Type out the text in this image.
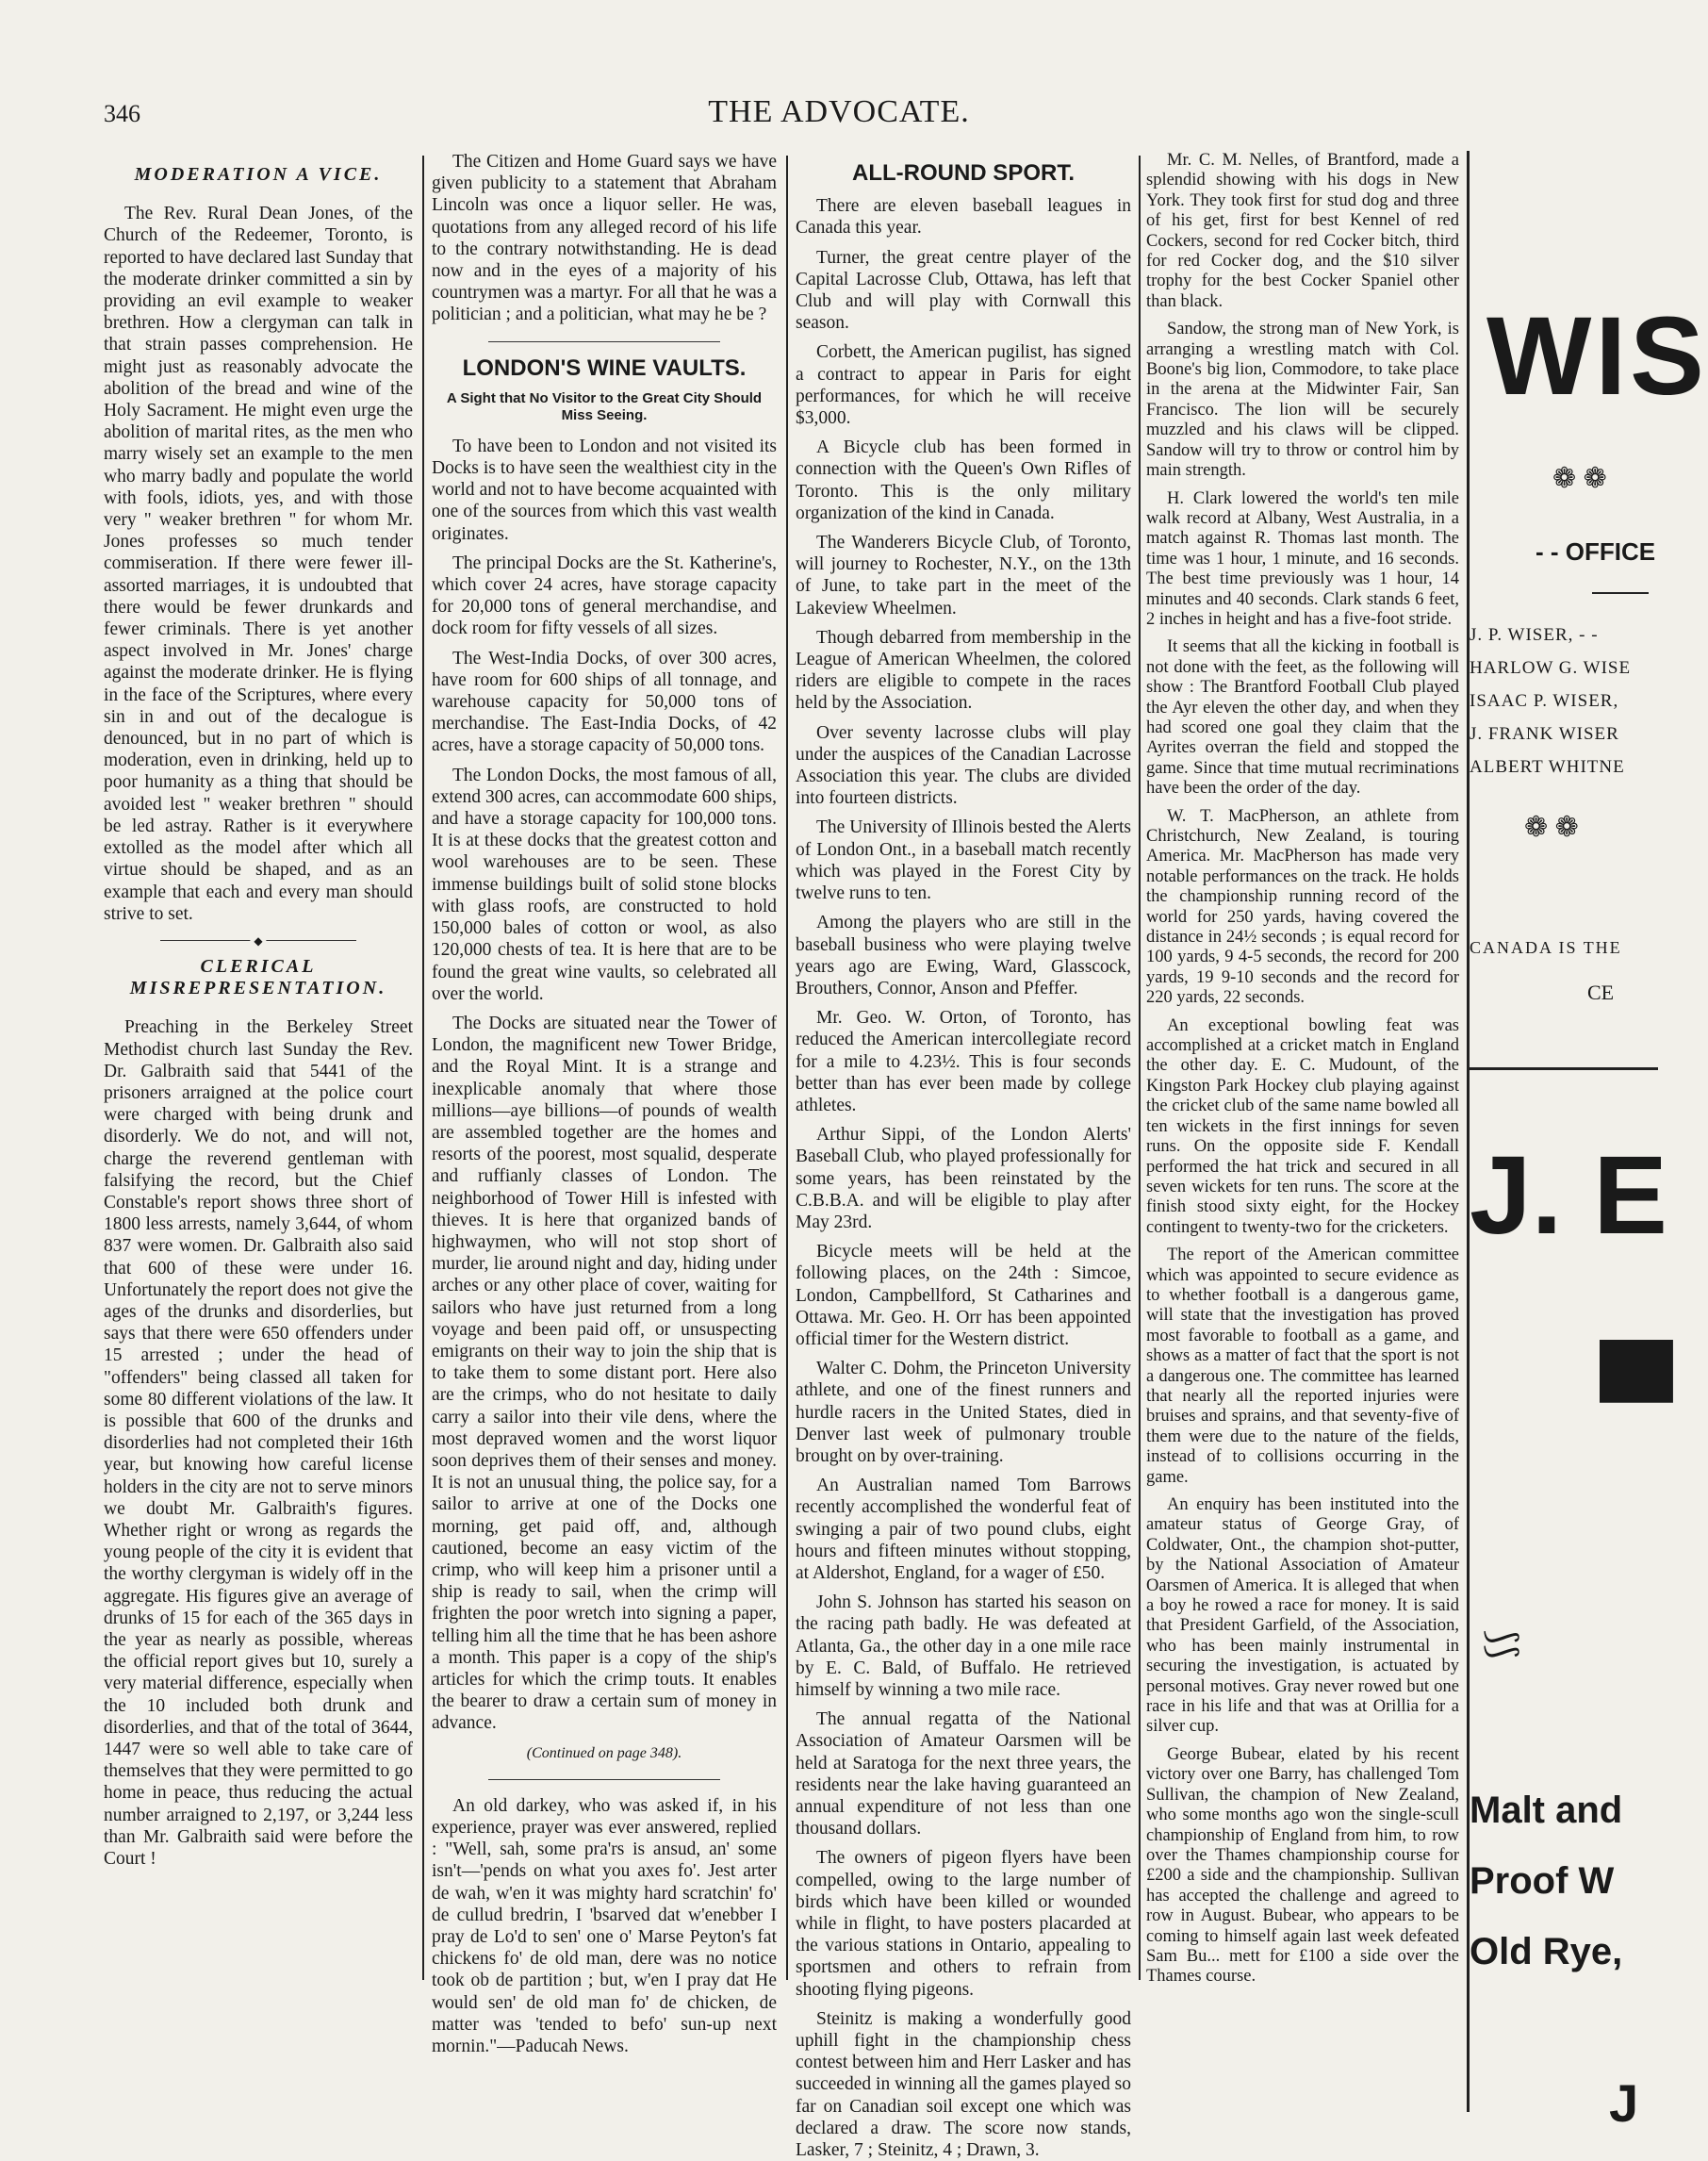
346	THE ADVOCATE.
MODERATION A VICE.

The Rev. Rural Dean Jones, of the Church of the Redeemer, Toronto, is reported to have declared last Sunday that the moderate drinker committed a sin by providing an evil example to weaker brethren. How a clergyman can talk in that strain passes comprehension. He might just as reasonably advocate the abolition of the bread and wine of the Holy Sacrament. He might even urge the abolition of marital rites, as the men who marry wisely set an example to the men who marry badly and populate the world with fools, idiots, yes, and with those very " weaker brethren " for whom Mr. Jones professes so much tender commiseration. If there were fewer ill-assorted marriages, it is undoubted that there would be fewer drunkards and fewer criminals. There is yet another aspect involved in Mr. Jones' charge against the moderate drinker. He is flying in the face of the Scriptures, where every sin in and out of the decalogue is denounced, but in no part of which is moderation, even in drinking, held up to poor humanity as a thing that should be avoided lest " weaker brethren " should be led astray. Rather is it everywhere extolled as the model after which all virtue should be shaped, and as an example that each and every man should strive to set.

◆
CLERICAL MISREPRESENTATION.

Preaching in the Berkeley Street Methodist church last Sunday the Rev. Dr. Galbraith said that 5441 of the prisoners arraigned at the police court were charged with being drunk and disorderly. We do not, and will not, charge the reverend gentleman with falsifying the record, but the Chief Constable's report shows three short of 1800 less arrests, namely 3,644, of whom 837 were women. Dr. Galbraith also said that 600 of these were under 16. Unfortunately the report does not give the ages of the drunks and disorderlies, but says that there were 650 offenders under 15 arrested ; under the head of "offenders" being classed all taken for some 80 different violations of the law. It is possible that 600 of the drunks and disorderlies had not completed their 16th year, but knowing how careful license holders in the city are not to serve minors we doubt Mr. Galbraith's figures. Whether right or wrong as regards the young people of the city it is evident that the worthy clergyman is widely off in the aggregate. His figures give an average of drunks of 15 for each of the 365 days in the year as nearly as possible, whereas the official report gives but 10, surely a very material difference, especially when the 10 included both drunk and disorderlies, and that of the total of 3644, 1447 were so well able to take care of themselves that they were permitted to go home in peace, thus reducing the actual number arraigned to 2,197, or 3,244 less than Mr. Galbraith said were before the Court !

The Citizen and Home Guard says we have given publicity to a statement that Abraham Lincoln was once a liquor seller. He was, quotations from any alleged record of his life to the contrary notwithstanding. He is dead now and in the eyes of a majority of his countrymen was a martyr. For all that he was a politician ; and a politician, what may he be ?

LONDON'S WINE VAULTS.
A Sight that No Visitor to the Great City Should Miss Seeing.

To have been to London and not visited its Docks is to have seen the wealthiest city in the world and not to have become acquainted with one of the sources from which this vast wealth originates.

The principal Docks are the St. Katherine's, which cover 24 acres, have storage capacity for 20,000 tons of general merchandise, and dock room for fifty vessels of all sizes.

The West-India Docks, of over 300 acres, have room for 600 ships of all tonnage, and warehouse capacity for 50,000 tons of merchandise. The East-India Docks, of 42 acres, have a storage capacity of 50,000 tons.

The London Docks, the most famous of all, extend 300 acres, can accommodate 600 ships, and have a storage capacity for 100,000 tons. It is at these docks that the greatest cotton and wool warehouses are to be seen. These immense buildings built of solid stone blocks with glass roofs, are constructed to hold 150,000 bales of cotton or wool, as also 120,000 chests of tea. It is here that are to be found the great wine vaults, so celebrated all over the world.

The Docks are situated near the Tower of London, the magnificent new Tower Bridge, and the Royal Mint. It is a strange and inexplicable anomaly that where those millions—aye billions—of pounds of wealth are assembled together are the homes and resorts of the poorest, most squalid, desperate and ruffianly classes of London. The neighborhood of Tower Hill is infested with thieves. It is here that organized bands of highwaymen, who will not stop short of murder, lie around night and day, hiding under arches or any other place of cover, waiting for sailors who have just returned from a long voyage and been paid off, or unsuspecting emigrants on their way to join the ship that is to take them to some distant port. Here also are the crimps, who do not hesitate to daily carry a sailor into their vile dens, where the most depraved women and the worst liquor soon deprives them of their senses and money. It is not an unusual thing, the police say, for a sailor to arrive at one of the Docks one morning, get paid off, and, although cautioned, become an easy victim of the crimp, who will keep him a prisoner until a ship is ready to sail, when the crimp will frighten the poor wretch into signing a paper, telling him all the time that he has been ashore a month. This paper is a copy of the ship's articles for which the crimp touts. It enables the bearer to draw a certain sum of money in advance.

(Continued on page 348).

An old darkey, who was asked if, in his experience, prayer was ever answered, replied : "Well, sah, some pra'rs is ansud, an' some isn't—'pends on what you axes fo'. Jest arter de wah, w'en it was mighty hard scratchin' fo' de cullud bredrin, I 'bsarved dat w'enebber I pray de Lo'd to sen' one o' Marse Peyton's fat chickens fo' de old man, dere was no notice took ob de partition ; but, w'en I pray dat He would sen' de old man fo' de chicken, de matter was 'tended to befo' sun-up next mornin."—Paducah News.

ALL-ROUND SPORT.

There are eleven baseball leagues in Canada this year.

Turner, the great centre player of the Capital Lacrosse Club, Ottawa, has left that Club and will play with Cornwall this season.

Corbett, the American pugilist, has signed a contract to appear in Paris for eight performances, for which he will receive $3,000.

A Bicycle club has been formed in connection with the Queen's Own Rifles of Toronto. This is the only military organization of the kind in Canada.

The Wanderers Bicycle Club, of Toronto, will journey to Rochester, N.Y., on the 13th of June, to take part in the meet of the Lakeview Wheelmen.

Though debarred from membership in the League of American Wheelmen, the colored riders are eligible to compete in the races held by the Association.

Over seventy lacrosse clubs will play under the auspices of the Canadian Lacrosse Association this year. The clubs are divided into fourteen districts.

The University of Illinois bested the Alerts of London Ont., in a baseball match recently which was played in the Forest City by twelve runs to ten.

Among the players who are still in the baseball business who were playing twelve years ago are Ewing, Ward, Glasscock, Brouthers, Connor, Anson and Pfeffer.

Mr. Geo. W. Orton, of Toronto, has reduced the American intercollegiate record for a mile to 4.23½. This is four seconds better than has ever been made by college athletes.

Arthur Sippi, of the London Alerts' Baseball Club, who played professionally for some years, has been reinstated by the C.B.B.A. and will be eligible to play after May 23rd.

Bicycle meets will be held at the following places, on the 24th : Simcoe, London, Campbellford, St Catharines and Ottawa. Mr. Geo. H. Orr has been appointed official timer for the Western district.

Walter C. Dohm, the Princeton University athlete, and one of the finest runners and hurdle racers in the United States, died in Denver last week of pulmonary trouble brought on by over-training.

An Australian named Tom Barrows recently accomplished the wonderful feat of swinging a pair of two pound clubs, eight hours and fifteen minutes without stopping, at Aldershot, England, for a wager of £50.

John S. Johnson has started his season on the racing path badly. He was defeated at Atlanta, Ga., the other day in a one mile race by E. C. Bald, of Buffalo. He retrieved himself by winning a two mile race.

The annual regatta of the National Association of Amateur Oarsmen will be held at Saratoga for the next three years, the residents near the lake having guaranteed an annual expenditure of not less than one thousand dollars.

The owners of pigeon flyers have been compelled, owing to the large number of birds which have been killed or wounded while in flight, to have posters placarded at the various stations in Ontario, appealing to sportsmen and others to refrain from shooting flying pigeons.

Steinitz is making a wonderfully good uphill fight in the championship chess contest between him and Herr Lasker and has succeeded in winning all the games played so far on Canadian soil except one which was declared a draw. The score now stands, Lasker, 7 ; Steinitz, 4 ; Drawn, 3.

Mr. C. M. Nelles, of Brantford, made a splendid showing with his dogs in New York. They took first for stud dog and three of his get, first for best Kennel of red Cockers, second for red Cocker bitch, third for red Cocker dog, and the $10 silver trophy for the best Cocker Spaniel other than black.

Sandow, the strong man of New York, is arranging a wrestling match with Col. Boone's big lion, Commodore, to take place in the arena at the Midwinter Fair, San Francisco. The lion will be securely muzzled and his claws will be clipped. Sandow will try to throw or control him by main strength.

H. Clark lowered the world's ten mile walk record at Albany, West Australia, in a match against R. Thomas last month. The time was 1 hour, 1 minute, and 16 seconds. The best time previously was 1 hour, 14 minutes and 40 seconds. Clark stands 6 feet, 2 inches in height and has a five-foot stride.

It seems that all the kicking in football is not done with the feet, as the following will show : The Brantford Football Club played the Ayr eleven the other day, and when they had scored one goal they claim that the Ayrites overran the field and stopped the game. Since that time mutual recriminations have been the order of the day.

W. T. MacPherson, an athlete from Christchurch, New Zealand, is touring America. Mr. MacPherson has made very notable performances on the track. He holds the championship running record of the world for 250 yards, having covered the distance in 24½ seconds ; is equal record for 100 yards, 9 4-5 seconds, the record for 200 yards, 19 9-10 seconds and the record for 220 yards, 22 seconds.

An exceptional bowling feat was accomplished at a cricket match in England the other day. E. C. Mudount, of the Kingston Park Hockey club playing against the cricket club of the same name bowled all ten wickets in the first innings for seven runs. On the opposite side F. Kendall performed the hat trick and secured in all seven wickets for ten runs. The score at the finish stood sixty eight, for the Hockey contingent to twenty-two for the cricketers.

The report of the American committee which was appointed to secure evidence as to whether football is a dangerous game, will state that the investigation has proved most favorable to football as a game, and shows as a matter of fact that the sport is not a dangerous one. The committee has learned that nearly all the reported injuries were bruises and sprains, and that seventy-five of them were due to the nature of the fields, instead of to collisions occurring in the game.

An enquiry has been instituted into the amateur status of George Gray, of Coldwater, Ont., the champion shot-putter, by the National Association of Amateur Oarsmen of America. It is alleged that when a boy he rowed a race for money. It is said that President Garfield, of the Association, who has been mainly instrumental in securing the investigation, is actuated by personal motives. Gray never rowed but one race in his life and that was at Orillia for a silver cup.

George Bubear, elated by his recent victory over one Barry, has challenged Tom Sullivan, the champion of New Zealand, who some months ago won the single-scull championship of England from him, to row over the Thames championship course for £200 a side and the championship. Sullivan has accepted the challenge and agreed to row in August. Bubear, who appears to be coming to himself again last week defeated Sam Bu... mett for £100 a side over the Thames course.

WIS
❁ ❁
- - OFFICE
J. P. WISER, - -
HARLOW G. WISE
ISAAC P. WISER,
J. FRANK WISER
ALBERT WHITNE
❁ ❁
CANADA IS THE
CE
J. E
▀
⟆⟆
Malt and
Proof W
Old Rye,
J
